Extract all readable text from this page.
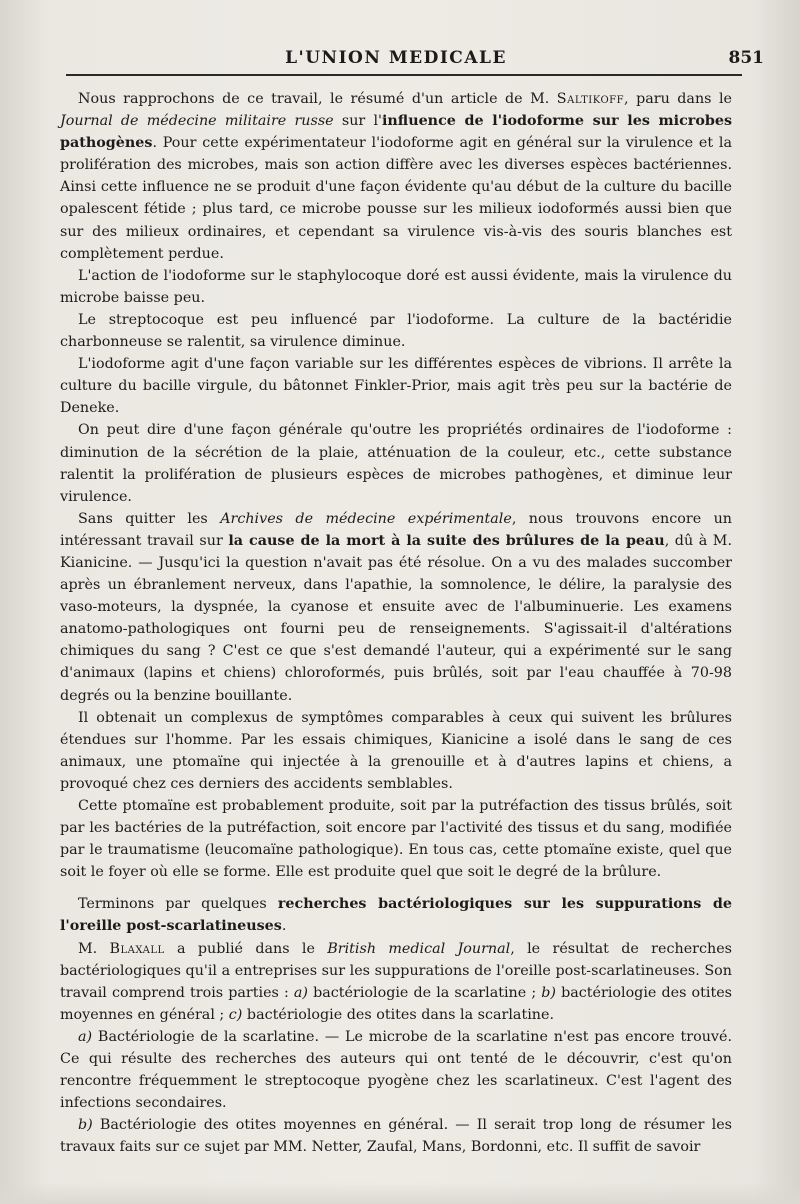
L'UNION MEDICALE	851

Nous rapprochons de ce travail, le résumé d'un article de M. Saltikoff, paru dans le Journal de médecine militaire russe sur l'influence de l'iodoforme sur les microbes pathogènes. Pour cette expérimentateur l'iodoforme agit en général sur la virulence et la prolifération des microbes, mais son action diffère avec les diverses espèces bactériennes. Ainsi cette influence ne se produit d'une façon évidente qu'au début de la culture du bacille opalescent fétide ; plus tard, ce microbe pousse sur les milieux iodoformés aussi bien que sur des milieux ordinaires, et cependant sa virulence vis-à-vis des souris blanches est complètement perdue.

L'action de l'iodoforme sur le staphylocoque doré est aussi évidente, mais la virulence du microbe baisse peu.

Le streptocoque est peu influencé par l'iodoforme. La culture de la bactéridie charbonneuse se ralentit, sa virulence diminue.

L'iodoforme agit d'une façon variable sur les différentes espèces de vibrions. Il arrête la culture du bacille virgule, du bâtonnet Finkler-Prior, mais agit très peu sur la bactérie de Deneke.

On peut dire d'une façon générale qu'outre les propriétés ordinaires de l'iodoforme : diminution de la sécrétion de la plaie, atténuation de la couleur, etc., cette substance ralentit la prolifération de plusieurs espèces de microbes pathogènes, et diminue leur virulence.

Sans quitter les Archives de médecine expérimentale, nous trouvons encore un intéressant travail sur la cause de la mort à la suite des brûlures de la peau, dû à M. Kianicine. — Jusqu'ici la question n'avait pas été résolue. On a vu des malades succomber après un ébranlement nerveux, dans l'apathie, la somnolence, le délire, la paralysie des vaso-moteurs, la dyspnée, la cyanose et ensuite avec de l'albuminuerie. Les examens anatomo-pathologiques ont fourni peu de renseignements. S'agissait-il d'altérations chimiques du sang ? C'est ce que s'est demandé l'auteur, qui a expérimenté sur le sang d'animaux (lapins et chiens) chloroformés, puis brûlés, soit par l'eau chauffée à 70-98 degrés ou la benzine bouillante.

Il obtenait un complexus de symptômes comparables à ceux qui suivent les brûlures étendues sur l'homme. Par les essais chimiques, Kianicine a isolé dans le sang de ces animaux, une ptomaïne qui injectée à la grenouille et à d'autres lapins et chiens, a provoqué chez ces derniers des accidents semblables.

Cette ptomaïne est probablement produite, soit par la putréfaction des tissus brûlés, soit par les bactéries de la putréfaction, soit encore par l'activité des tissus et du sang, modifiée par le traumatisme (leucomaïne pathologique). En tous cas, cette ptomaïne existe, quel que soit le foyer où elle se forme. Elle est produite quel que soit le degré de la brûlure.

Terminons par quelques recherches bactériologiques sur les suppurations de l'oreille post-scarlatineuses.

M. Blaxall a publié dans le British medical Journal, le résultat de recherches bactériologiques qu'il a entreprises sur les suppurations de l'oreille post-scarlatineuses. Son travail comprend trois parties : a) bactériologie de la scarlatine ; b) bactériologie des otites moyennes en général ; c) bactériologie des otites dans la scarlatine.

a) Bactériologie de la scarlatine. — Le microbe de la scarlatine n'est pas encore trouvé. Ce qui résulte des recherches des auteurs qui ont tenté de le découvrir, c'est qu'on rencontre fréquemment le streptocoque pyogène chez les scarlatineux. C'est l'agent des infections secondaires.

b) Bactériologie des otites moyennes en général. — Il serait trop long de résumer les travaux faits sur ce sujet par MM. Netter, Zaufal, Mans, Bordonni, etc. Il suffit de savoir
